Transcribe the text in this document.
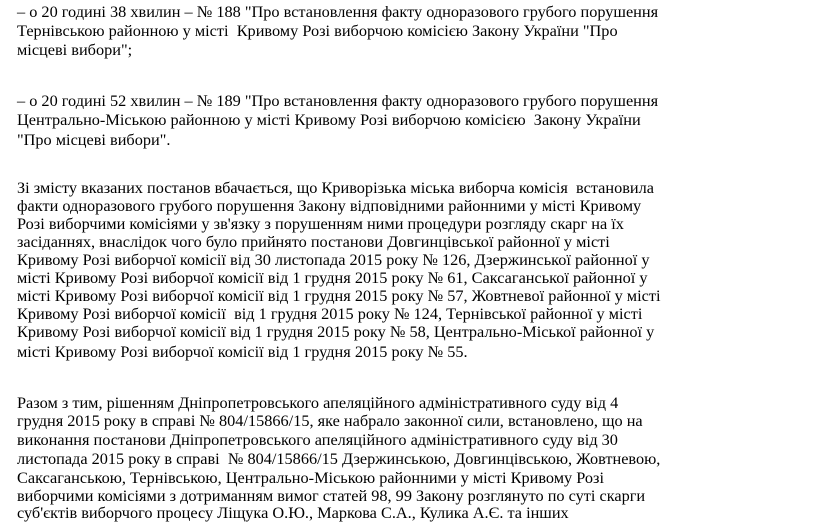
– о 20 годині 38 хвилин – № 188 "Про встановлення факту одноразового грубого порушення
Тернівською районною у місті  Кривому Розі виборчою комісією Закону України "Про
місцеві вибори";
– о 20 годині 52 хвилин – № 189 "Про встановлення факту одноразового грубого порушення
Центрально-Міською районною у місті Кривому Розі виборчою комісією  Закону України
"Про місцеві вибори".
Зі змісту вказаних постанов вбачається, що Криворізька міська виборча комісія  встановила
факти одноразового грубого порушення Закону відповідними районними у місті Кривому
Розі виборчими комісіями у зв'язку з порушенням ними процедури розгляду скарг на їх
засіданнях, внаслідок чого було прийнято постанови Довгинцівської районної у місті
Кривому Розі виборчої комісії від 30 листопада 2015 року № 126, Дзержинської районної у
місті Кривому Розі виборчої комісії від 1 грудня 2015 року № 61, Саксаганської районної у
місті Кривому Розі виборчої комісії від 1 грудня 2015 року № 57, Жовтневої районної у місті
Кривому Розі виборчої комісії  від 1 грудня 2015 року № 124, Тернівської районної у місті
Кривому Розі виборчої комісії від 1 грудня 2015 року № 58, Центрально-Міської районної у
місті Кривому Розі виборчої комісії від 1 грудня 2015 року № 55.
Разом з тим, рішенням Дніпропетровського апеляційного адміністративного суду від 4
грудня 2015 року в справі № 804/15866/15, яке набрало законної сили, встановлено, що на
виконання постанови Дніпропетровського апеляційного адміністративного суду від 30
листопада 2015 року в справі  № 804/15866/15 Дзержинською, Довгинцівською, Жовтневою,
Саксаганською, Тернівською, Центрально-Міською районними у місті Кривому Розі
виборчими комісіями з дотриманням вимог статей 98, 99 Закону розглянуто по суті скарги
суб'єктів виборчого процесу Ліщука О.Ю., Маркова С.А., Кулика А.Є. та інших
